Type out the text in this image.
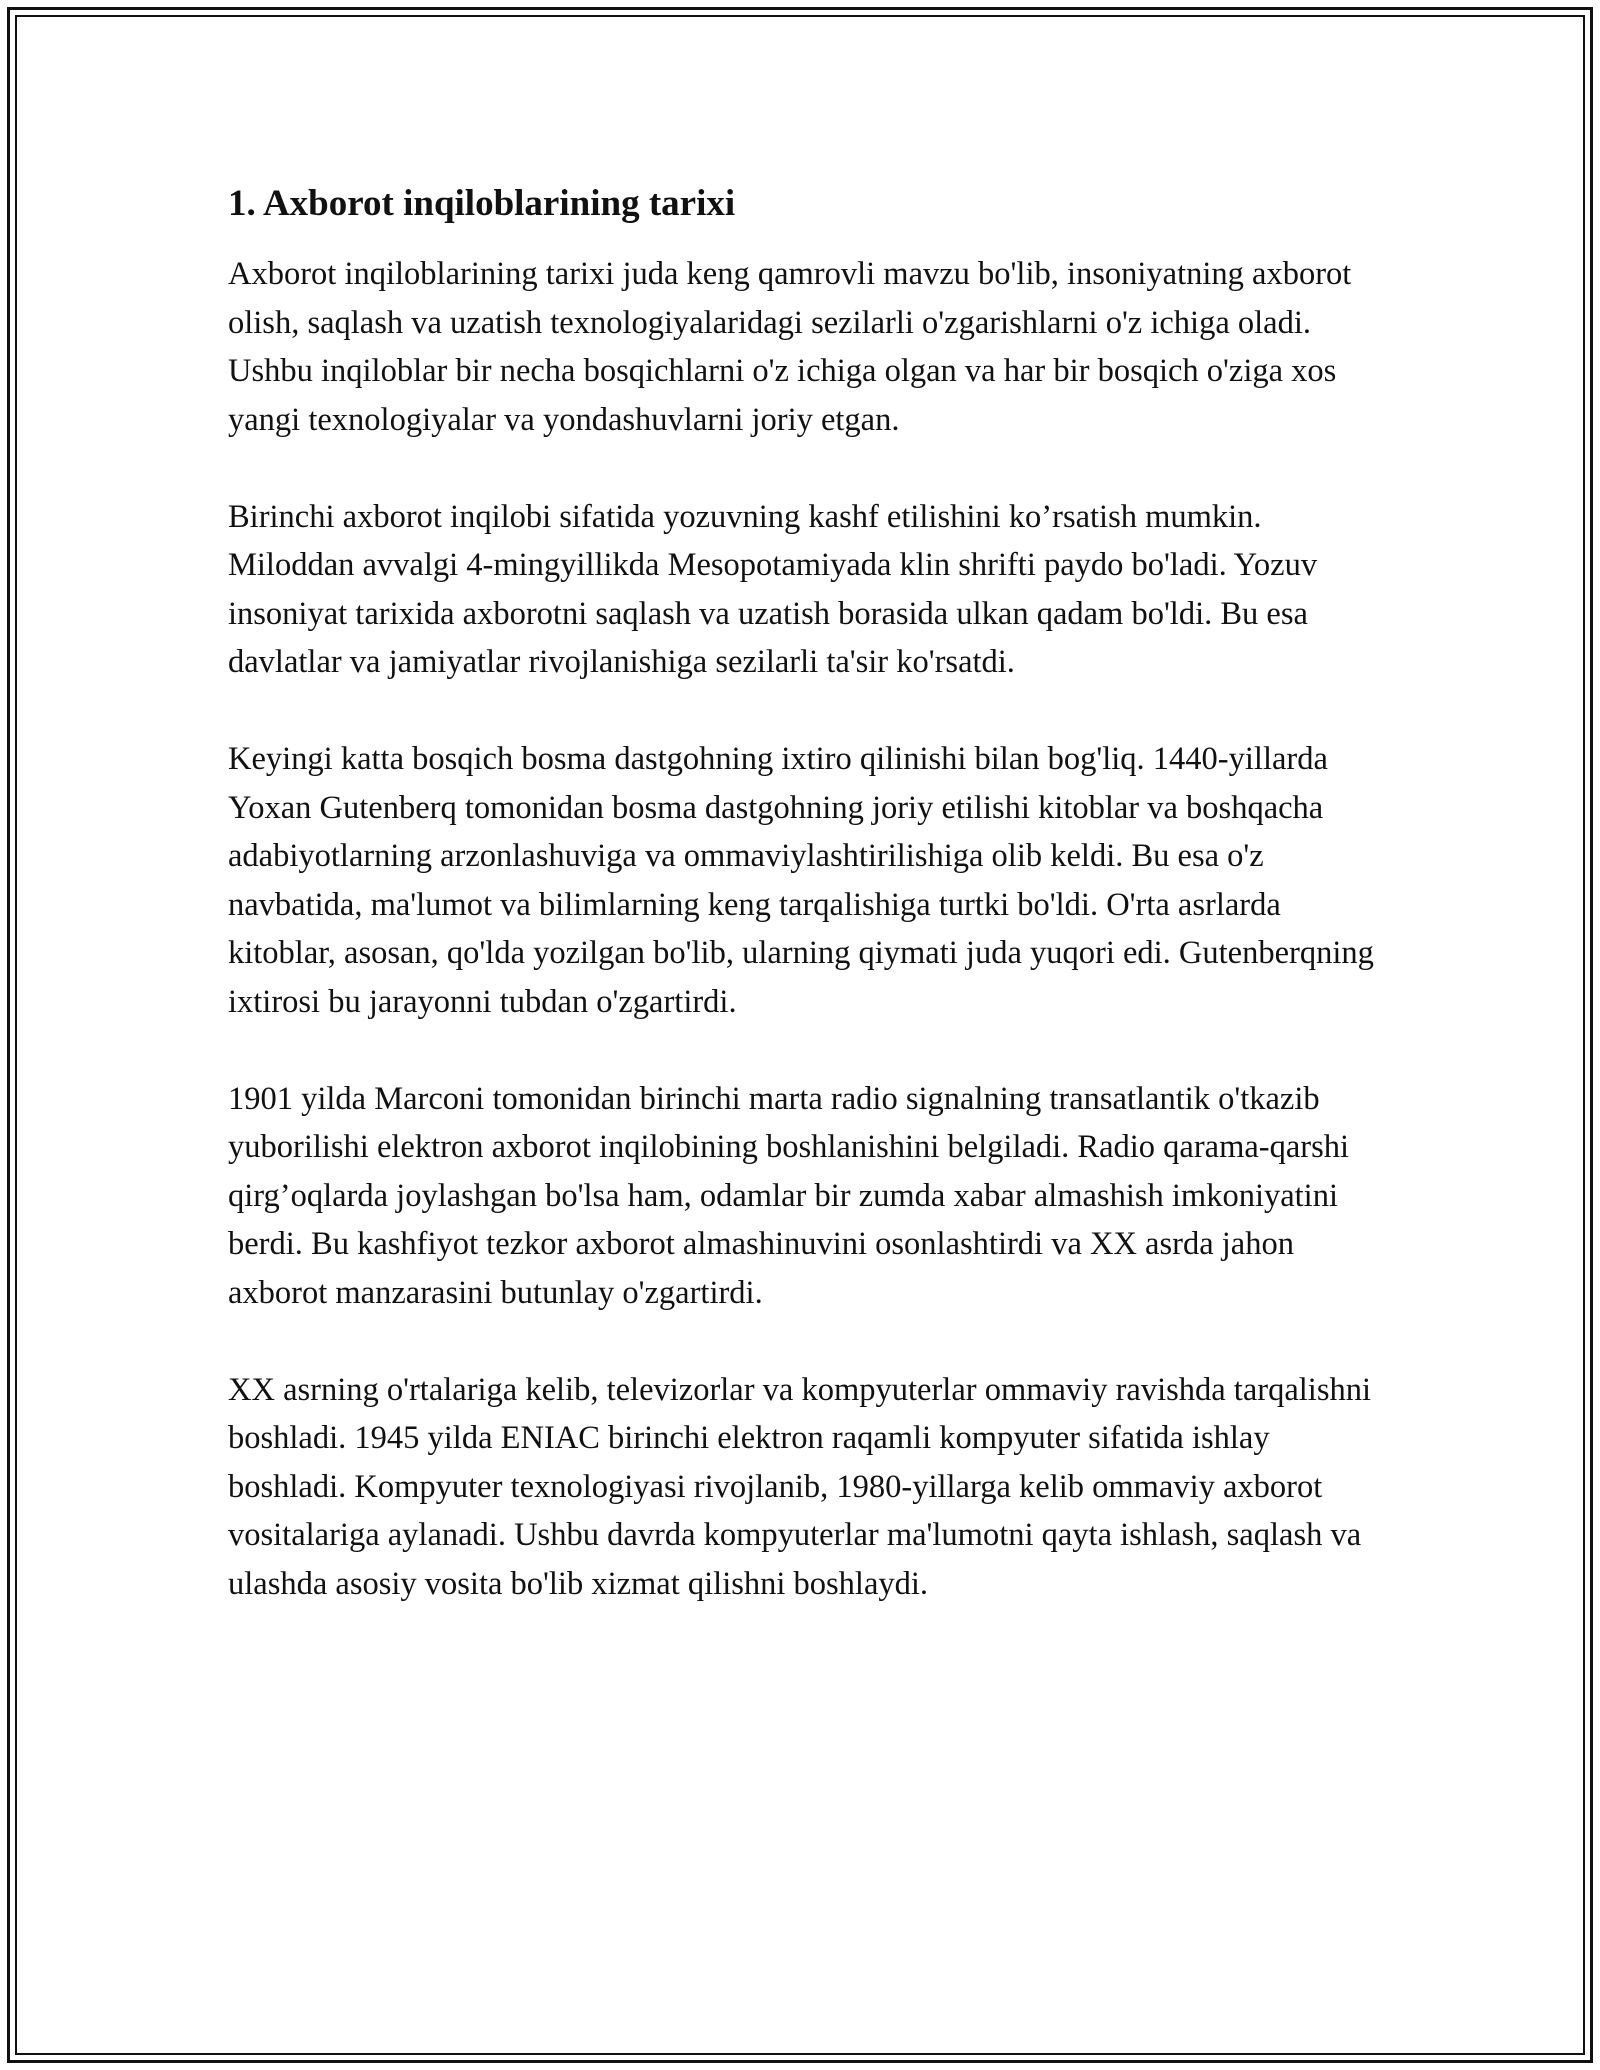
1. Axborot inqiloblarining tarixi

Axborot inqiloblarining tarixi juda keng qamrovli mavzu bo'lib, insoniyatning axborot olish, saqlash va uzatish texnologiyalaridagi sezilarli o'zgarishlarni o'z ichiga oladi. Ushbu inqiloblar bir necha bosqichlarni o'z ichiga olgan va har bir bosqich o'ziga xos yangi texnologiyalar va yondashuvlarni joriy etgan.

Birinchi axborot inqilobi sifatida yozuvning kashf etilishini ko’rsatish mumkin. Miloddan avvalgi 4-mingyillikda Mesopotamiyada klin shrifti paydo bo'ladi. Yozuv insoniyat tarixida axborotni saqlash va uzatish borasida ulkan qadam bo'ldi. Bu esa davlatlar va jamiyatlar rivojlanishiga sezilarli ta'sir ko'rsatdi.

Keyingi katta bosqich bosma dastgohning ixtiro qilinishi bilan bog'liq. 1440-yillarda Yoxan Gutenberq tomonidan bosma dastgohning joriy etilishi kitoblar va boshqacha adabiyotlarning arzonlashuviga va ommaviylashtirilishiga olib keldi. Bu esa o'z navbatida, ma'lumot va bilimlarning keng tarqalishiga turtki bo'ldi. O'rta asrlarda kitoblar, asosan, qo'lda yozilgan bo'lib, ularning qiymati juda yuqori edi. Gutenberqning ixtirosi bu jarayonni tubdan o'zgartirdi.

1901 yilda Marconi tomonidan birinchi marta radio signalning transatlantik o'tkazib yuborilishi elektron axborot inqilobining boshlanishini belgiladi. Radio qarama-qarshi qirg’oqlarda joylashgan bo'lsa ham, odamlar bir zumda xabar almashish imkoniyatini berdi. Bu kashfiyot tezkor axborot almashinuvini osonlashtirdi va XX asrda jahon axborot manzarasini butunlay o'zgartirdi.

XX asrning o'rtalariga kelib, televizorlar va kompyuterlar ommaviy ravishda tarqalishni boshladi. 1945 yilda ENIAC birinchi elektron raqamli kompyuter sifatida ishlay boshladi. Kompyuter texnologiyasi rivojlanib, 1980-yillarga kelib ommaviy axborot vositalariga aylanadi. Ushbu davrda kompyuterlar ma'lumotni qayta ishlash, saqlash va ulashda asosiy vosita bo'lib xizmat qilishni boshlaydi.
